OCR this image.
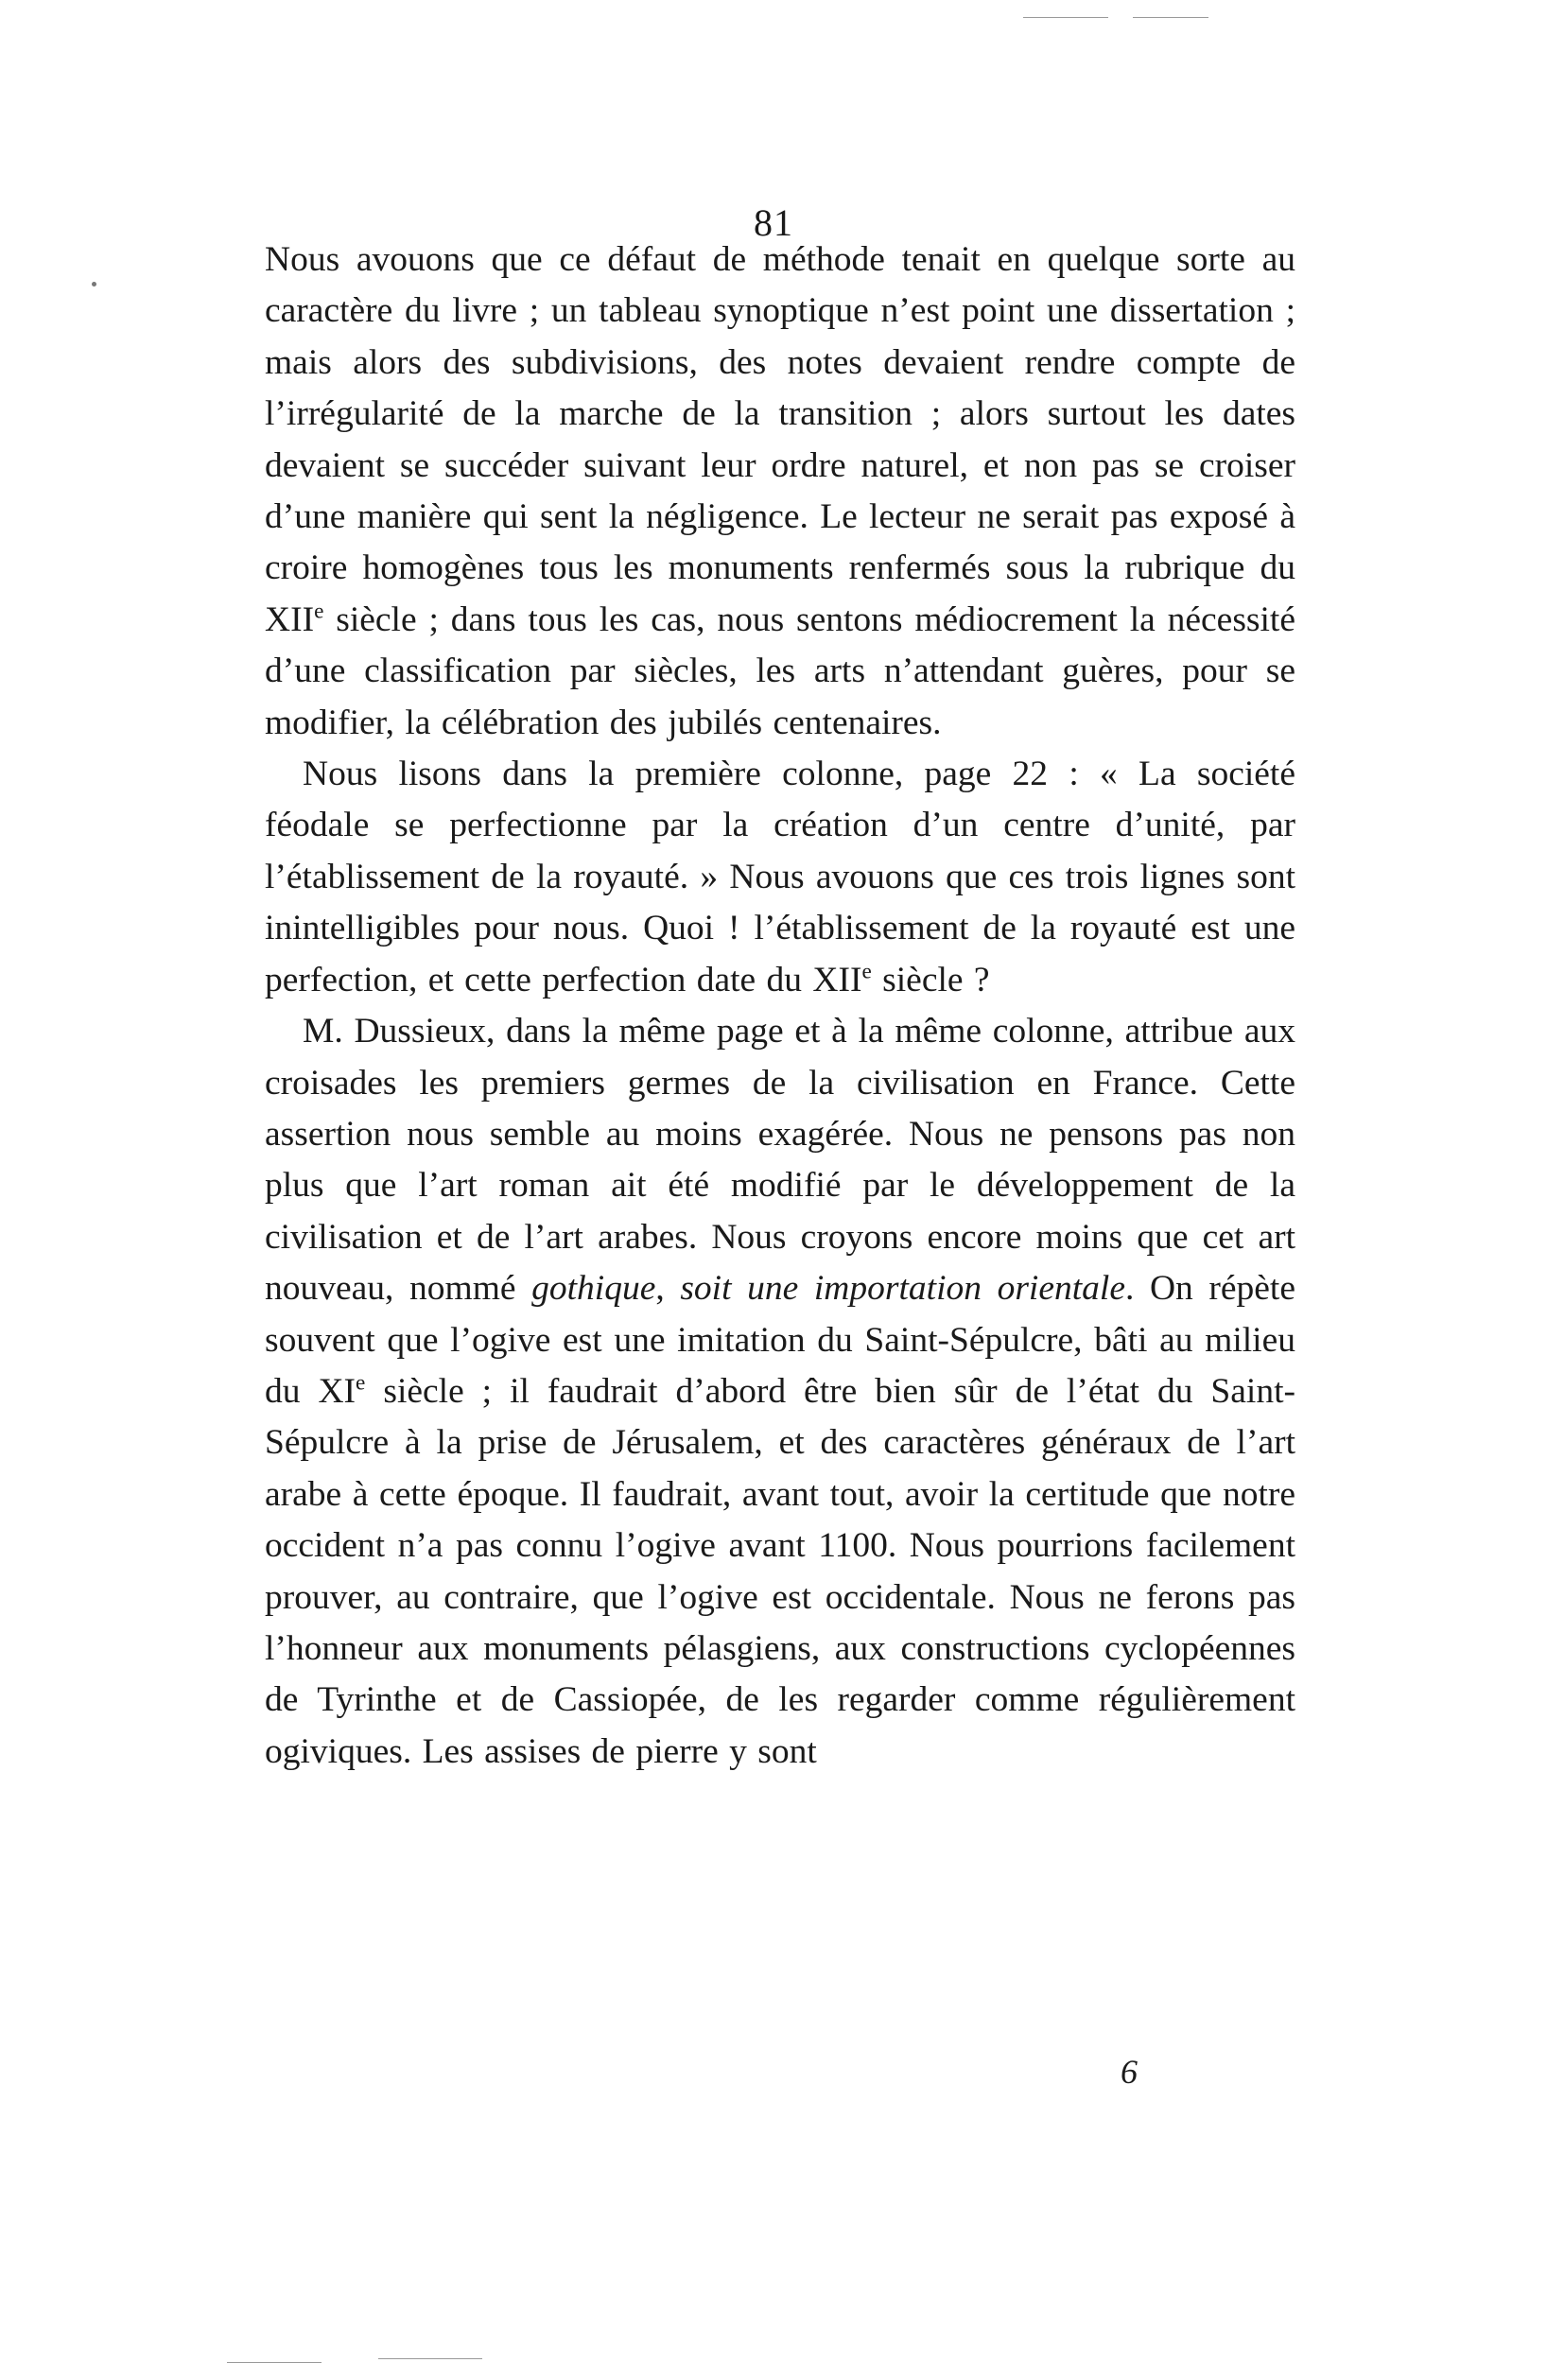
81

Nous avouons que ce défaut de méthode tenait en quelque sorte au caractère du livre ; un tableau synoptique n’est point une dissertation ; mais alors des subdivisions, des notes devaient rendre compte de l’irrégularité de la marche de la transition ; alors surtout les dates devaient se succéder suivant leur ordre naturel, et non pas se croiser d’une manière qui sent la négligence. Le lecteur ne serait pas exposé à croire homogènes tous les monuments renfermés sous la rubrique du XIIe siècle ; dans tous les cas, nous sentons médiocrement la nécessité d’une classification par siècles, les arts n’attendant guères, pour se modifier, la célébration des jubilés centenaires.

Nous lisons dans la première colonne, page 22 : « La société féodale se perfectionne par la création d’un centre d’unité, par l’établissement de la royauté. » Nous avouons que ces trois lignes sont inintelligibles pour nous. Quoi ! l’établissement de la royauté est une perfection, et cette perfection date du XIIe siècle ?

M. Dussieux, dans la même page et à la même colonne, attribue aux croisades les premiers germes de la civilisation en France. Cette assertion nous semble au moins exagérée. Nous ne pensons pas non plus que l’art roman ait été modifié par le développement de la civilisation et de l’art arabes. Nous croyons encore moins que cet art nouveau, nommé gothique, soit une importation orientale. On répète souvent que l’ogive est une imitation du Saint-Sépulcre, bâti au milieu du XIe siècle ; il faudrait d’abord être bien sûr de l’état du Saint-Sépulcre à la prise de Jérusalem, et des caractères généraux de l’art arabe à cette époque. Il faudrait, avant tout, avoir la certitude que notre occident n’a pas connu l’ogive avant 1100. Nous pourrions facilement prouver, au contraire, que l’ogive est occidentale. Nous ne ferons pas l’honneur aux monuments pélasgiens, aux constructions cyclopéennes de Tyrinthe et de Cassiopée, de les regarder comme régulièrement ogiviques. Les assises de pierre y sont

6
